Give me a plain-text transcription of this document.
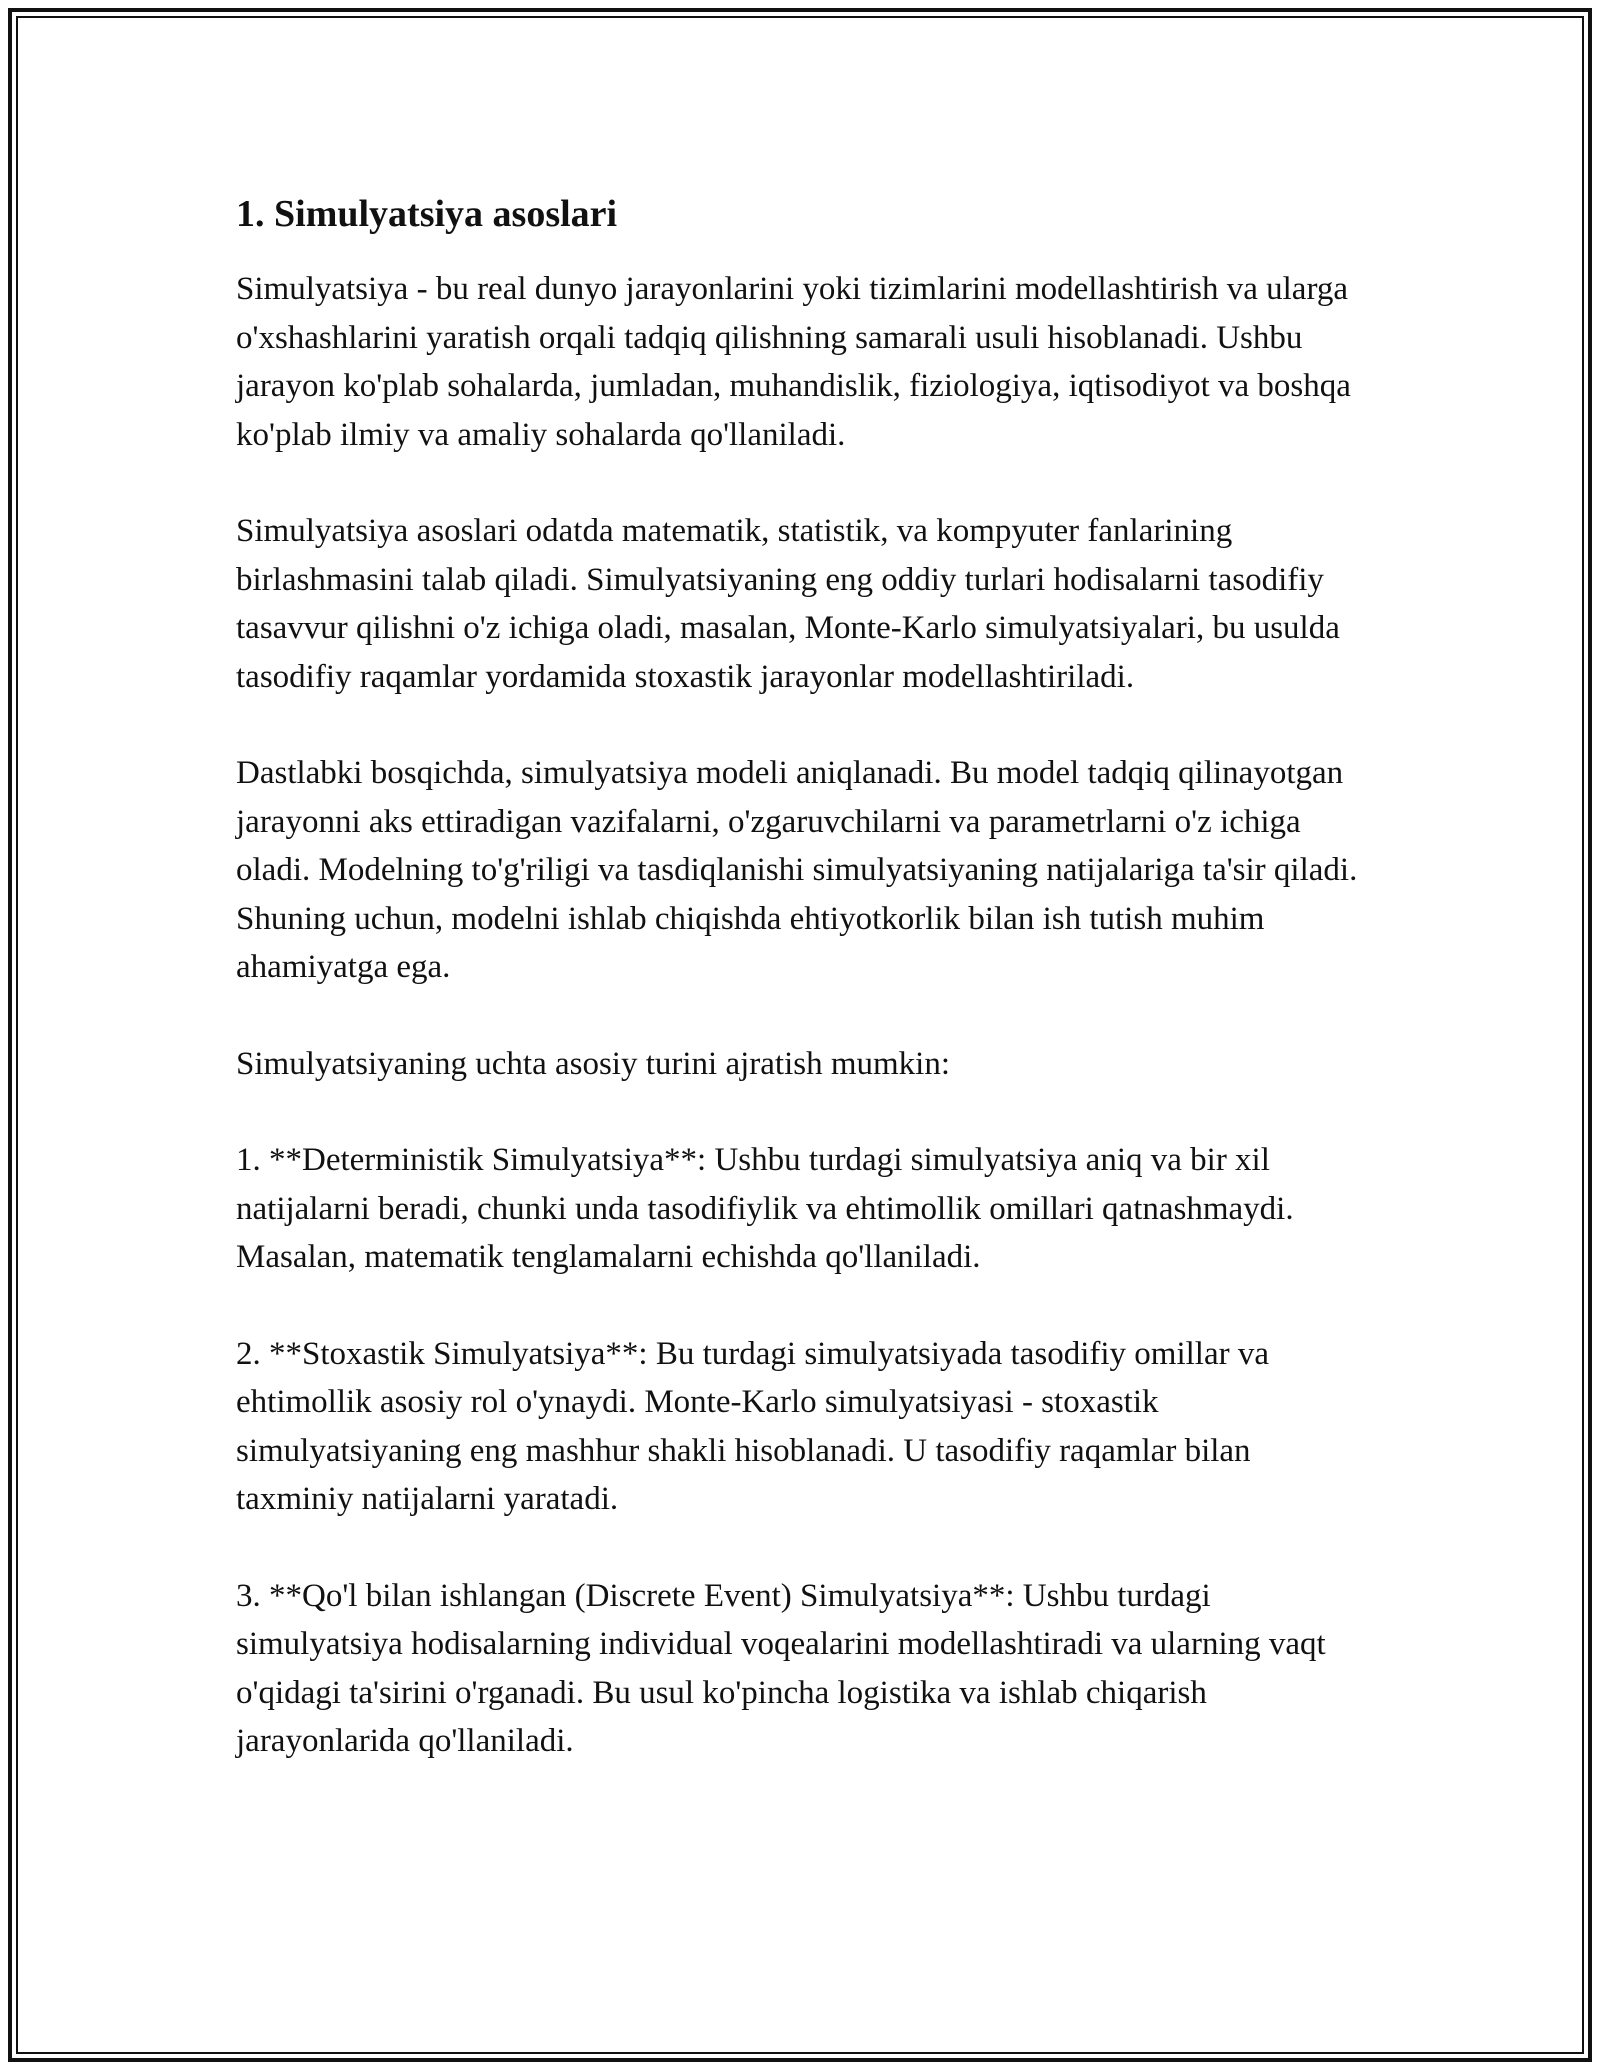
1. Simulyatsiya asoslari

Simulyatsiya - bu real dunyo jarayonlarini yoki tizimlarini modellashtirish va ularga o'xshashlarini yaratish orqali tadqiq qilishning samarali usuli hisoblanadi. Ushbu jarayon ko'plab sohalarda, jumladan, muhandislik, fiziologiya, iqtisodiyot va boshqa ko'plab ilmiy va amaliy sohalarda qo'llaniladi.

Simulyatsiya asoslari odatda matematik, statistik, va kompyuter fanlarining birlashmasini talab qiladi. Simulyatsiyaning eng oddiy turlari hodisalarni tasodifiy tasavvur qilishni o'z ichiga oladi, masalan, Monte-Karlo simulyatsiyalari, bu usulda tasodifiy raqamlar yordamida stoxastik jarayonlar modellashtiriladi.

Dastlabki bosqichda, simulyatsiya modeli aniqlanadi. Bu model tadqiq qilinayotgan jarayonni aks ettiradigan vazifalarni, o'zgaruvchilarni va parametrlarni o'z ichiga oladi. Modelning to'g'riligi va tasdiqlanishi simulyatsiyaning natijalariga ta'sir qiladi. Shuning uchun, modelni ishlab chiqishda ehtiyotkorlik bilan ish tutish muhim ahamiyatga ega.

Simulyatsiyaning uchta asosiy turini ajratish mumkin:

1. **Deterministik Simulyatsiya**: Ushbu turdagi simulyatsiya aniq va bir xil natijalarni beradi, chunki unda tasodifiylik va ehtimollik omillari qatnashmaydi. Masalan, matematik tenglamalarni echishda qo'llaniladi.

2. **Stoxastik Simulyatsiya**: Bu turdagi simulyatsiyada tasodifiy omillar va ehtimollik asosiy rol o'ynaydi. Monte-Karlo simulyatsiyasi - stoxastik simulyatsiyaning eng mashhur shakli hisoblanadi. U tasodifiy raqamlar bilan taxminiy natijalarni yaratadi.

3. **Qo'l bilan ishlangan (Discrete Event) Simulyatsiya**: Ushbu turdagi simulyatsiya hodisalarning individual voqealarini modellashtiradi va ularning vaqt o'qidagi ta'sirini o'rganadi. Bu usul ko'pincha logistika va ishlab chiqarish jarayonlarida qo'llaniladi.
